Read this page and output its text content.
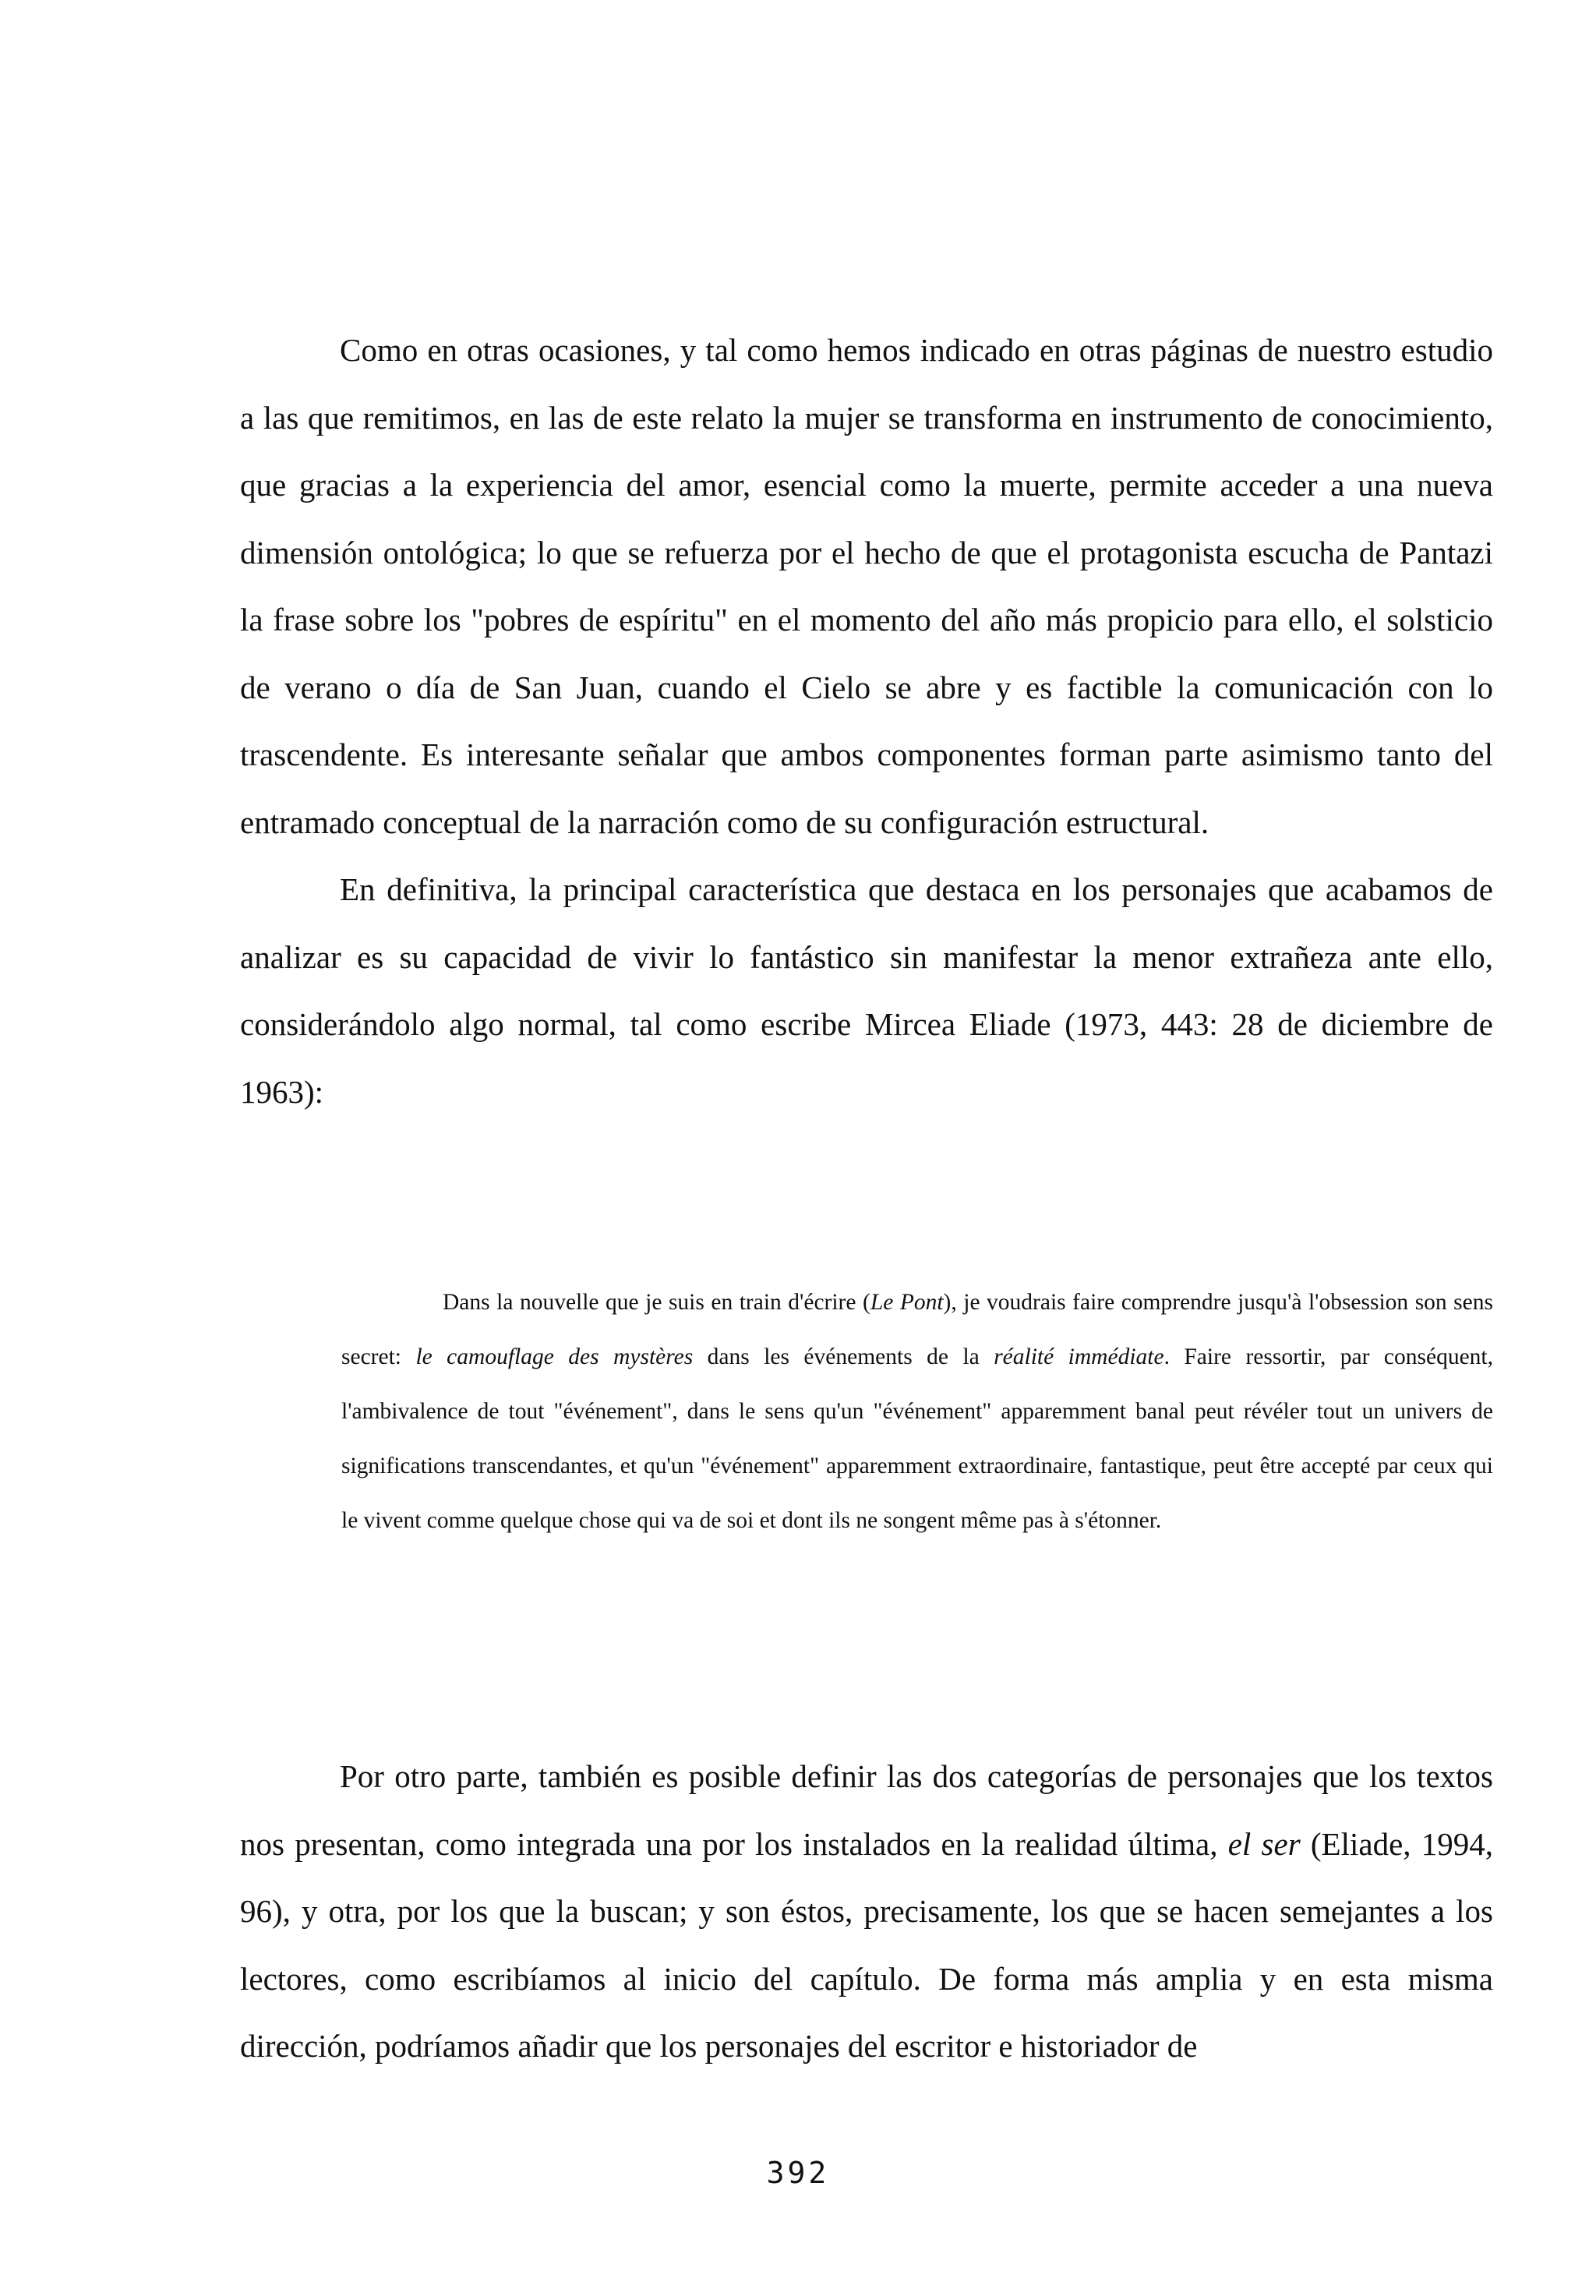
Como en otras ocasiones, y tal como hemos indicado en otras páginas de nuestro estudio a las que remitimos, en las de este relato la mujer se transforma en instrumento de conocimiento, que gracias a la experiencia del amor, esencial como la muerte, permite acceder a una nueva dimensión ontológica; lo que se refuerza por el hecho de que el protagonista escucha de Pantazi la frase sobre los "pobres de espíritu" en el momento del año más propicio para ello, el solsticio de verano o día de San Juan, cuando el Cielo se abre y es factible la comunicación con lo trascendente. Es interesante señalar que ambos componentes forman parte asimismo tanto del entramado conceptual de la narración como de su configuración estructural.

En definitiva, la principal característica que destaca en los personajes que acabamos de analizar es su capacidad de vivir lo fantástico sin manifestar la menor extrañeza ante ello, considerándolo algo normal, tal como escribe Mircea Eliade (1973, 443: 28 de diciembre de 1963):

Dans la nouvelle que je suis en train d'écrire (Le Pont), je voudrais faire comprendre jusqu'à l'obsession son sens secret: le camouflage des mystères dans les événements de la réalité immédiate. Faire ressortir, par conséquent, l'ambivalence de tout "événement", dans le sens qu'un "événement" apparemment banal peut révéler tout un univers de significations transcendantes, et qu'un "événement" apparemment extraordinaire, fantastique, peut être accepté par ceux qui le vivent comme quelque chose qui va de soi et dont ils ne songent même pas à s'étonner.

Por otro parte, también es posible definir las dos categorías de personajes que los textos nos presentan, como integrada una por los instalados en la realidad última, el ser (Eliade, 1994, 96), y otra, por los que la buscan; y son éstos, precisamente, los que se hacen semejantes a los lectores, como escribíamos al inicio del capítulo. De forma más amplia y en esta misma dirección, podríamos añadir que los personajes del escritor e historiador de

392
